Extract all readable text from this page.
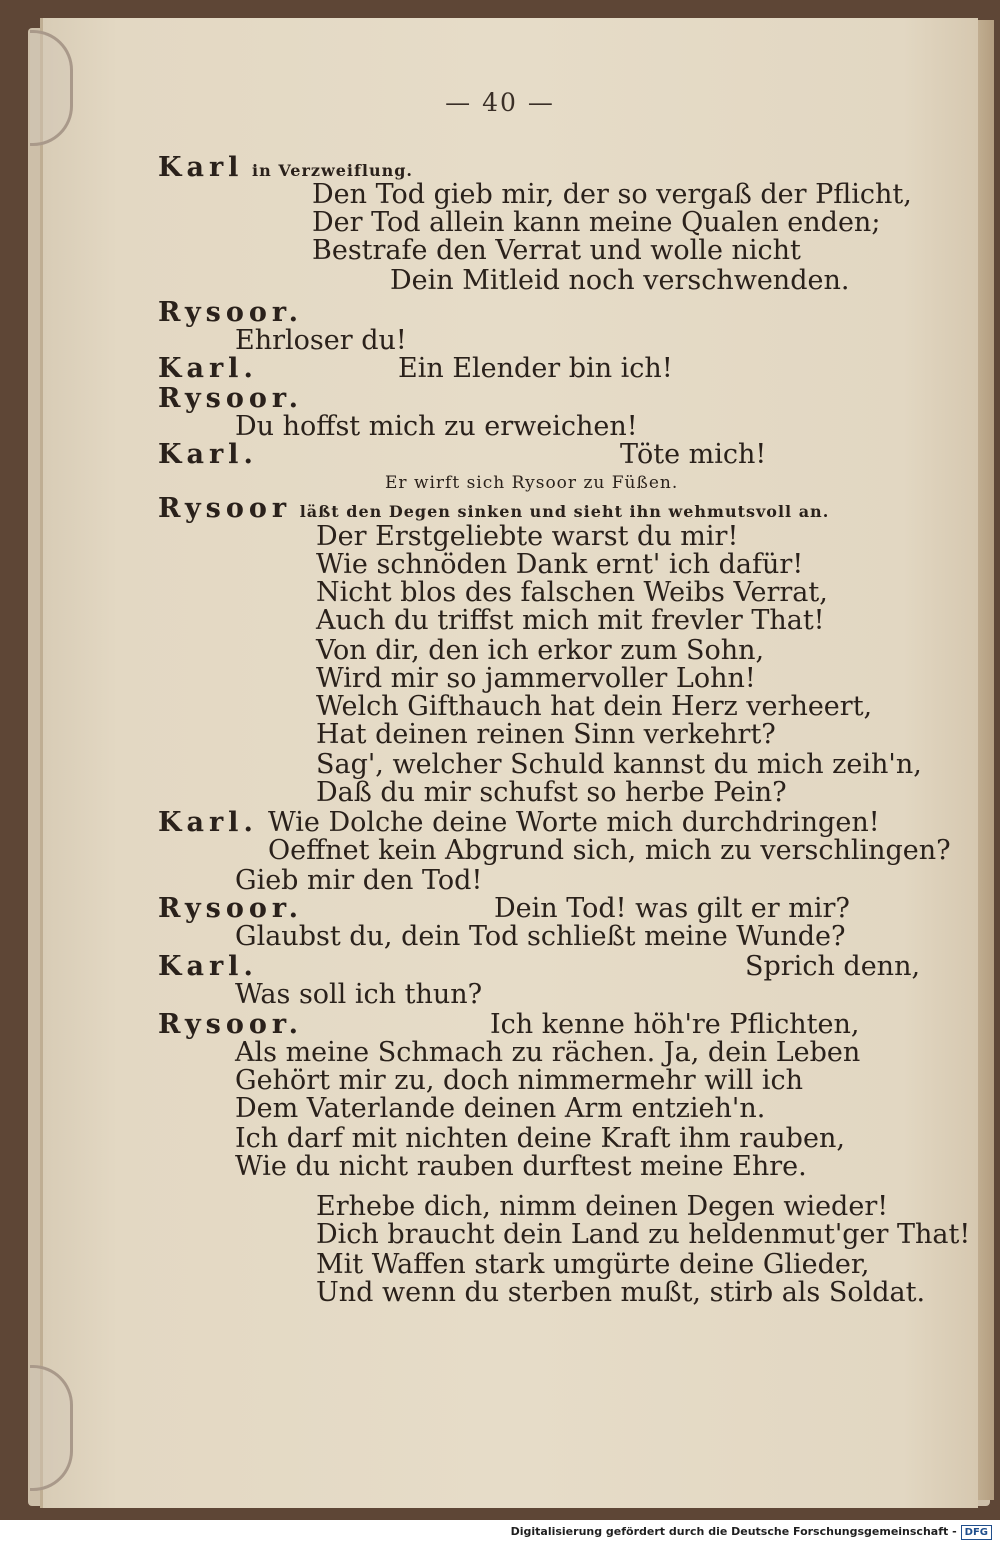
— 40 —
Karl in Verzweiflung.
Den Tod gieb mir, der so vergaß der Pflicht,
Der Tod allein kann meine Qualen enden;
Bestrafe den Verrat und wolle nicht
Dein Mitleid noch verschwenden.
Rysoor.
Ehrloser du!
Karl.	Ein Elender bin ich!
Rysoor.
Du hoffst mich zu erweichen!
Karl.	Töte mich!
Er wirft sich Rysoor zu Füßen.
Rysoor läßt den Degen sinken und sieht ihn wehmutsvoll an.
Der Erstgeliebte warst du mir!
Wie schnöden Dank ernt' ich dafür!
Nicht blos des falschen Weibs Verrat,
Auch du triffst mich mit frevler That!
Von dir, den ich erkor zum Sohn,
Wird mir so jammervoller Lohn!
Welch Gifthauch hat dein Herz verheert,
Hat deinen reinen Sinn verkehrt?
Sag', welcher Schuld kannst du mich zeih'n,
Daß du mir schufst so herbe Pein?
Karl. Wie Dolche deine Worte mich durchdringen!
Oeffnet kein Abgrund sich, mich zu verschlingen?
Gieb mir den Tod!
Rysoor.	Dein Tod! was gilt er mir?
Glaubst du, dein Tod schließt meine Wunde?
Karl.	Sprich denn,
Was soll ich thun?
Rysoor.	Ich kenne höh're Pflichten,
Als meine Schmach zu rächen. Ja, dein Leben
Gehört mir zu, doch nimmermehr will ich
Dem Vaterlande deinen Arm entzieh'n.
Ich darf mit nichten deine Kraft ihm rauben,
Wie du nicht rauben durftest meine Ehre.
Erhebe dich, nimm deinen Degen wieder!
Dich braucht dein Land zu heldenmut'ger That!
Mit Waffen stark umgürte deine Glieder,
Und wenn du sterben mußt, stirb als Soldat.
Digitalisierung gefördert durch die Deutsche Forschungsgemeinschaft - DFG
